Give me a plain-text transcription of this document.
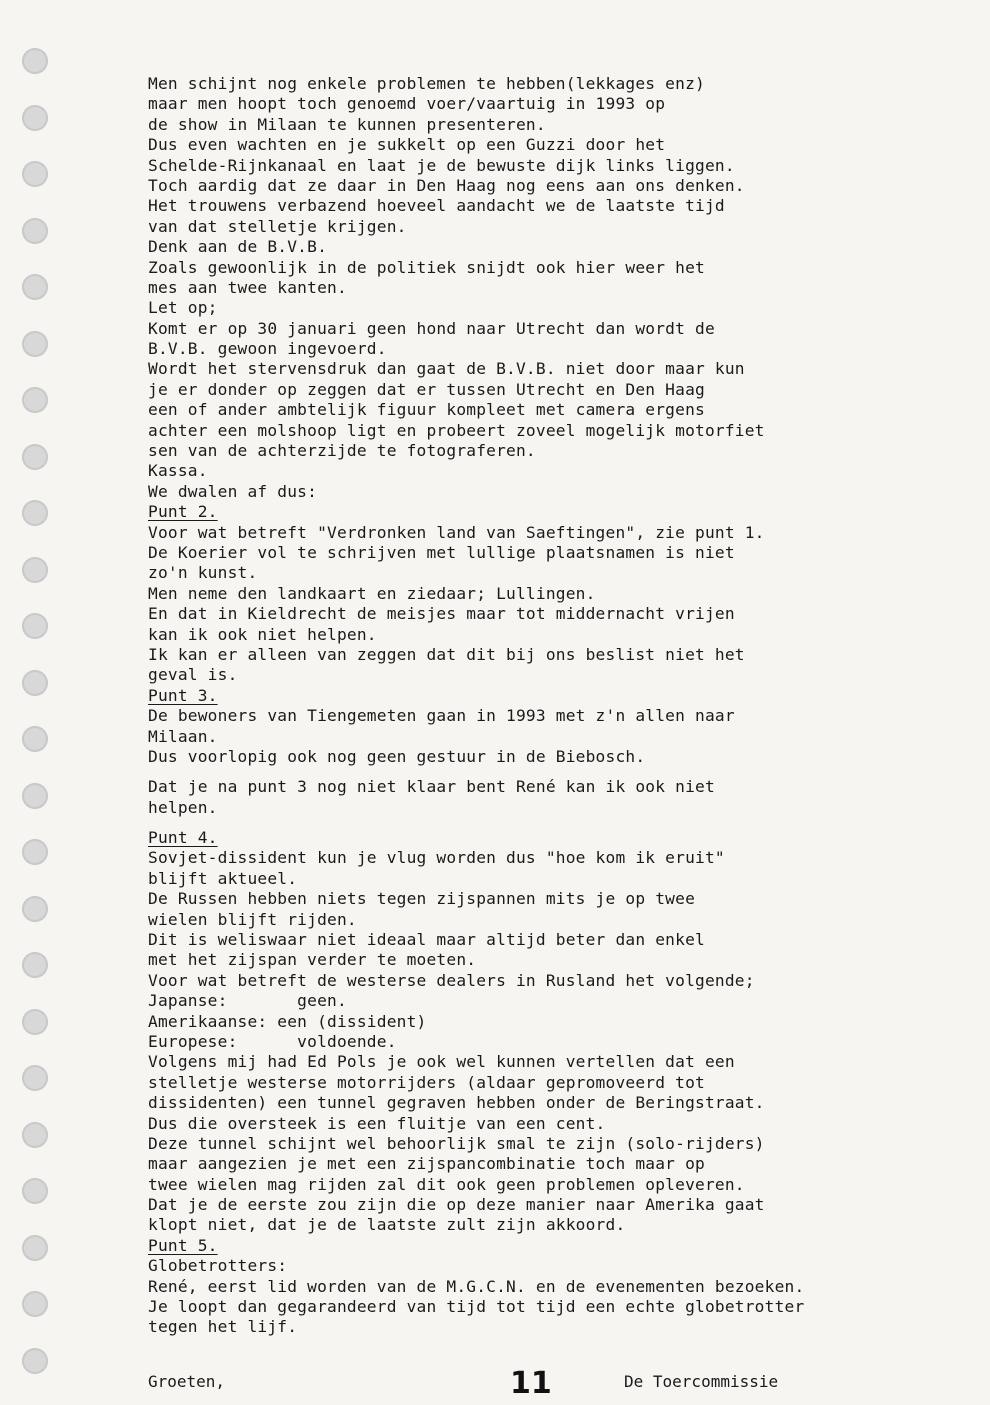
Men schijnt nog enkele problemen te hebben(lekkages enz)
maar men hoopt toch genoemd voer/vaartuig in 1993 op
de show in Milaan te kunnen presenteren.
Dus even wachten en je sukkelt op een Guzzi door het
Schelde-Rijnkanaal en laat je de bewuste dijk links liggen.
Toch aardig dat ze daar in Den Haag nog eens aan ons denken.
Het trouwens verbazend hoeveel aandacht we de laatste tijd
van dat stelletje krijgen.
Denk aan de B.V.B.
Zoals gewoonlijk in de politiek snijdt ook hier weer het
mes aan twee kanten.
Let op;
Komt er op 30 januari geen hond naar Utrecht dan wordt de
B.V.B. gewoon ingevoerd.
Wordt het stervensdruk dan gaat de B.V.B. niet door maar kun
je er donder op zeggen dat er tussen Utrecht en Den Haag
een of ander ambtelijk figuur kompleet met camera ergens
achter een molshoop ligt en probeert zoveel mogelijk motorfiet
sen van de achterzijde te fotograferen.
Kassa.
We dwalen af dus:
Punt 2.
Voor wat betreft "Verdronken land van Saeftingen", zie punt 1.
De Koerier vol te schrijven met lullige plaatsnamen is niet
zo'n kunst.
Men neme den landkaart en ziedaar; Lullingen.
En dat in Kieldrecht de meisjes maar tot middernacht vrijen
kan ik ook niet helpen.
Ik kan er alleen van zeggen dat dit bij ons beslist niet het
geval is.
Punt 3.
De bewoners van Tiengemeten gaan in 1993 met z'n allen naar
Milaan.
Dus voorlopig ook nog geen gestuur in de Biebosch.
Dat je na punt 3 nog niet klaar bent René kan ik ook niet
helpen.
Punt 4.
Sovjet-dissident kun je vlug worden dus "hoe kom ik eruit"
blijft aktueel.
De Russen hebben niets tegen zijspannen mits je op twee
wielen blijft rijden.
Dit is weliswaar niet ideaal maar altijd beter dan enkel
met het zijspan verder te moeten.
Voor wat betreft de westerse dealers in Rusland het volgende;
Japanse:       geen.
Amerikaanse: een (dissident)
Europese:      voldoende.
Volgens mij had Ed Pols je ook wel kunnen vertellen dat een
stelletje westerse motorrijders (aldaar gepromoveerd tot
dissidenten) een tunnel gegraven hebben onder de Beringstraat.
Dus die oversteek is een fluitje van een cent.
Deze tunnel schijnt wel behoorlijk smal te zijn (solo-rijders)
maar aangezien je met een zijspancombinatie toch maar op
twee wielen mag rijden zal dit ook geen problemen opleveren.
Dat je de eerste zou zijn die op deze manier naar Amerika gaat
klopt niet, dat je de laatste zult zijn akkoord.
Punt 5.
Globetrotters:
René, eerst lid worden van de M.G.C.N. en de evenementen bezoeken.
Je loopt dan gegarandeerd van tijd tot tijd een echte globetrotter
tegen het lijf.
Groeten,	11	De Toercommissie
